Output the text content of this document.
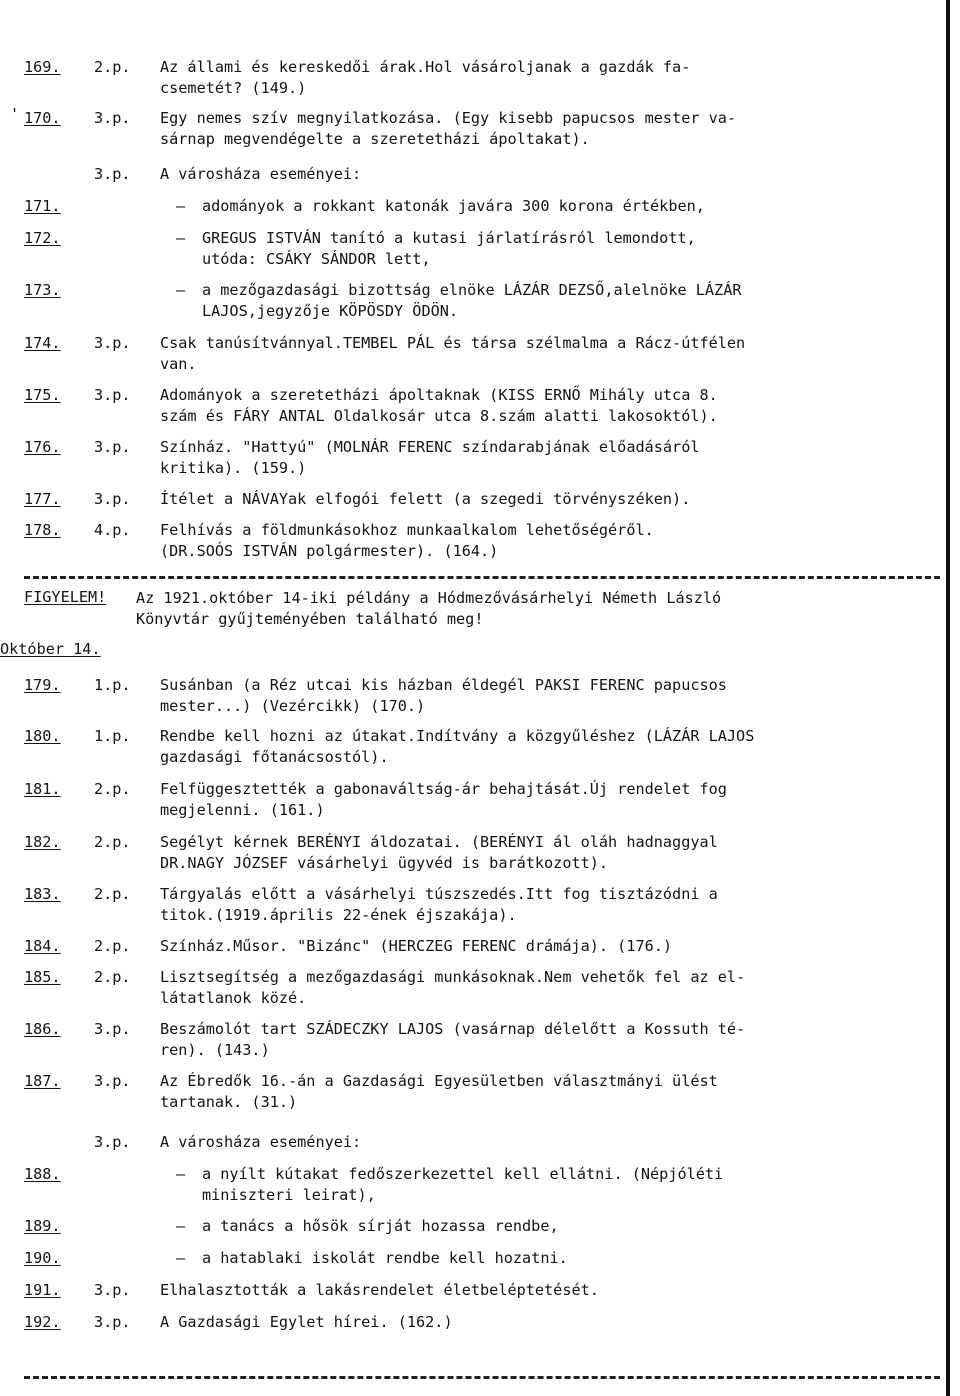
169. 2.p. Az állami és kereskedői árak.Hol vásároljanak a gazdák fa-
csemetét? (149.)
' 170. 3.p. Egy nemes szív megnyilatkozása. (Egy kisebb papucsos mester va-
sárnap megvendégelte a szeretetházi ápoltakat).
3.p. A városháza eseményei:
171.	– adományok a rokkant katonák javára 300 korona értékben,
172.	– GREGUS ISTVÁN tanító a kutasi járlatírásról lemondott,
utóda: CSÁKY SÁNDOR lett,
173.	– a mezőgazdasági bizottság elnöke LÁZÁR DEZSŐ,alelnöke LÁZÁR
LAJOS,jegyzője KÖPÖSDY ÖDÖN.
174. 3.p. Csak tanúsítvánnyal.TEMBEL PÁL és társa szélmalma a Rácz-útfélen
van.
175. 3.p. Adományok a szeretetházi ápoltaknak (KISS ERNŐ Mihály utca 8.
szám és FÁRY ANTAL Oldalkosár utca 8.szám alatti lakosoktól).
176. 3.p. Színház. "Hattyú" (MOLNÁR FERENC színdarabjának előadásáról
kritika). (159.)
177. 3.p. Ítélet a NÁVAYak elfogói felett (a szegedi törvényszéken).
178. 4.p. Felhívás a földmunkásokhoz munkaalkalom lehetőségéről.
(DR.SOÓS ISTVÁN polgármester). (164.)
FIGYELEM! Az 1921.október 14-iki példány a Hódmezővásárhelyi Németh László
Könyvtár gyűjteményében található meg!
Október 14.
179. 1.p. Susánban (a Réz utcai kis házban éldegél PAKSI FERENC papucsos
mester...) (Vezércikk) (170.)
180. 1.p. Rendbe kell hozni az útakat.Indítvány a közgyűléshez (LÁZÁR LAJOS
gazdasági főtanácsostól).
181. 2.p. Felfüggesztették a gabonaváltság-ár behajtását.Új rendelet fog
megjelenni. (161.)
182. 2.p. Segélyt kérnek BERÉNYI áldozatai. (BERÉNYI ál oláh hadnaggyal
DR.NAGY JÓZSEF vásárhelyi ügyvéd is barátkozott).
183. 2.p. Tárgyalás előtt a vásárhelyi túszszedés.Itt fog tisztázódni a
titok.(1919.április 22-ének éjszakája).
184. 2.p. Színház.Műsor. "Bizánc" (HERCZEG FERENC drámája). (176.)
185. 2.p. Lisztsegítség a mezőgazdasági munkásoknak.Nem vehetők fel az el-
látatlanok közé.
186. 3.p. Beszámolót tart SZÁDECZKY LAJOS (vasárnap délelőtt a Kossuth té-
ren). (143.)
187. 3.p. Az Ébredők 16.-án a Gazdasági Egyesületben választmányi ülést
tartanak. (31.)
3.p. A városháza eseményei:
188.	– a nyílt kútakat fedőszerkezettel kell ellátni. (Népjóléti
miniszteri leirat),
189.	– a tanács a hősök sírját hozassa rendbe,
190.	– a hatablaki iskolát rendbe kell hozatni.
191. 3.p. Elhalasztották a lakásrendelet életbeléptetését.
192. 3.p. A Gazdasági Egylet hírei. (162.)
